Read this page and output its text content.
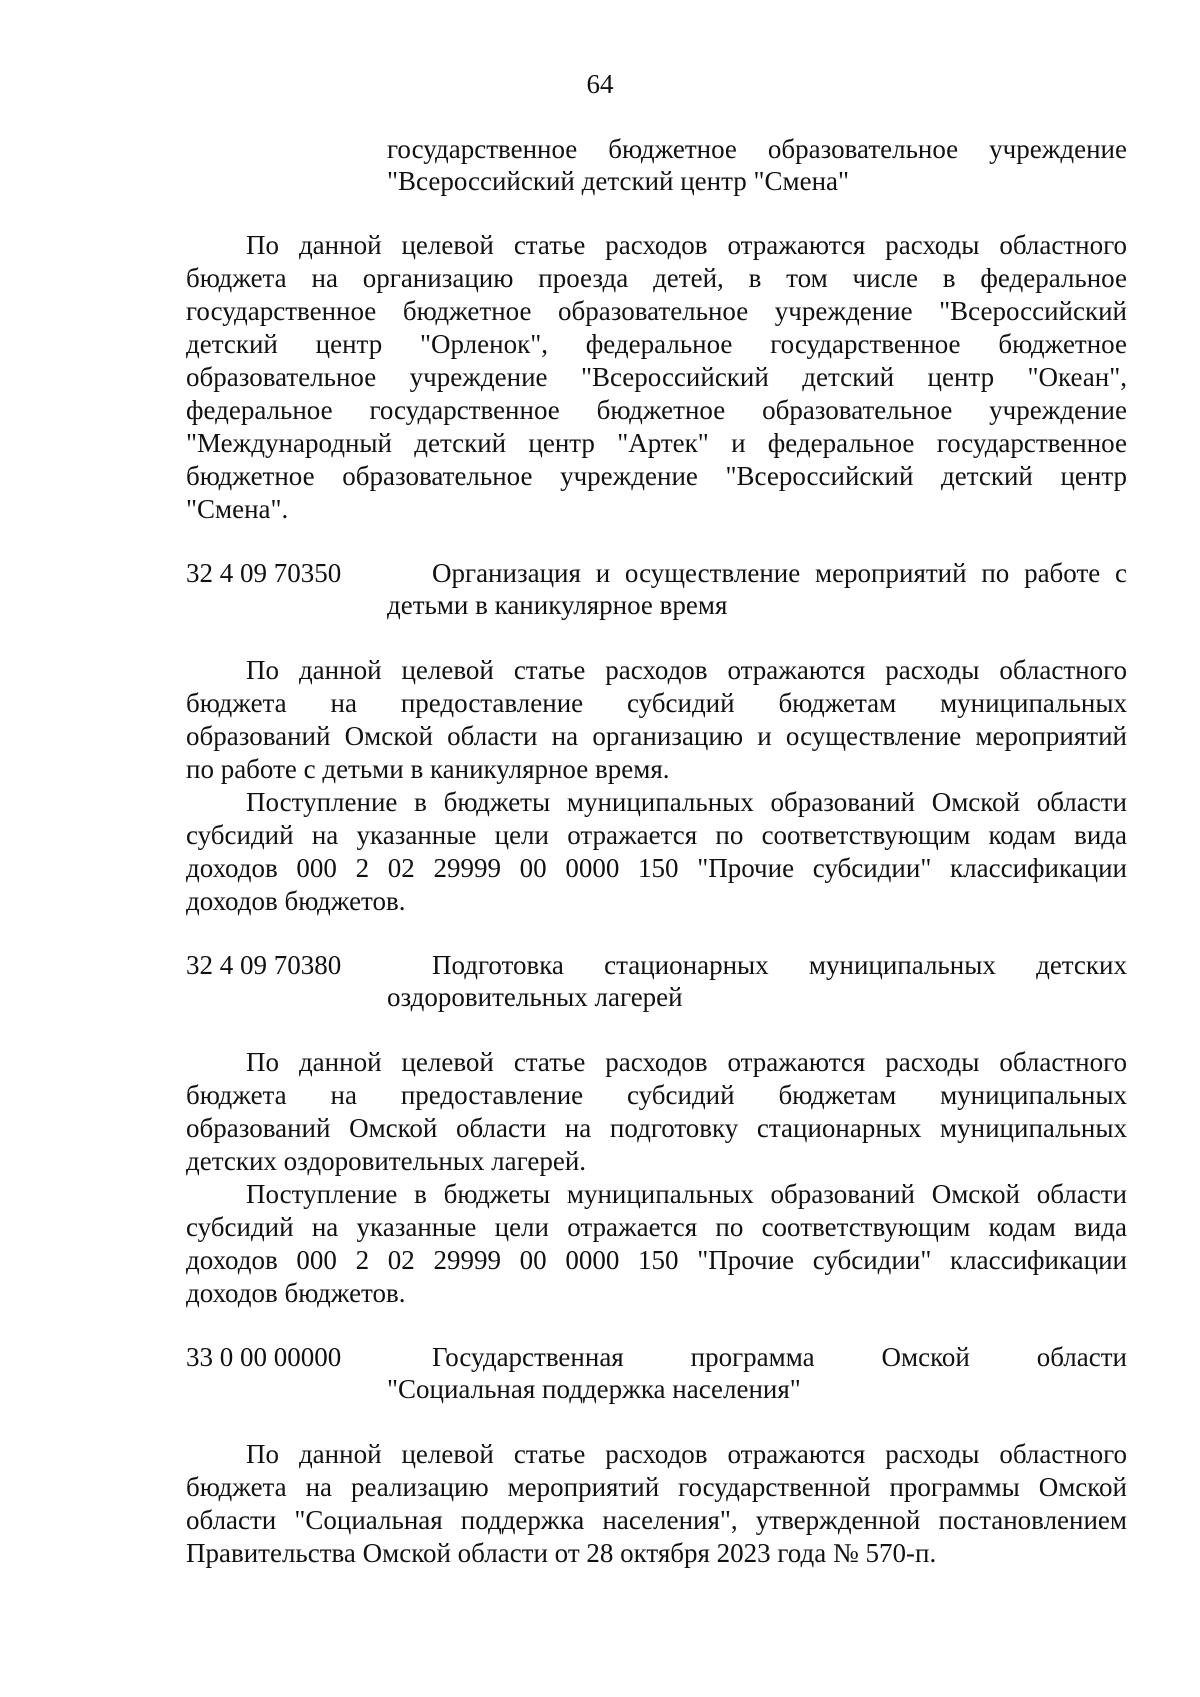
64
государственное бюджетное образовательное учреждение
"Всероссийский детский центр "Смена"
По данной целевой статье расходов отражаются расходы областного
бюджета на организацию проезда детей, в том числе в федеральное
государственное бюджетное образовательное учреждение "Всероссийский
детский центр "Орленок", федеральное государственное бюджетное
образовательное учреждение "Всероссийский детский центр "Океан",
федеральное государственное бюджетное образовательное учреждение
"Международный детский центр "Артек" и федеральное государственное
бюджетное образовательное учреждение "Всероссийский детский центр
"Смена".
Организация и осуществление мероприятий по работе с
детьми в каникулярное время
По данной целевой статье расходов отражаются расходы областного
бюджета на предоставление субсидий бюджетам муниципальных
образований Омской области на организацию и осуществление мероприятий
по работе с детьми в каникулярное время.
Поступление в бюджеты муниципальных образований Омской области
субсидий на указанные цели отражается по соответствующим кодам вида
доходов 000 2 02 29999 00 0000 150 "Прочие субсидии" классификации
доходов бюджетов.
Подготовка стационарных муниципальных детских
оздоровительных лагерей
По данной целевой статье расходов отражаются расходы областного
бюджета на предоставление субсидий бюджетам муниципальных
образований Омской области на подготовку стационарных муниципальных
детских оздоровительных лагерей.
Поступление в бюджеты муниципальных образований Омской области
субсидий на указанные цели отражается по соответствующим кодам вида
доходов 000 2 02 29999 00 0000 150 "Прочие субсидии" классификации
доходов бюджетов.
Государственная программа Омской области
"Социальная поддержка населения"
По данной целевой статье расходов отражаются расходы областного
бюджета на реализацию мероприятий государственной программы Омской
области "Социальная поддержка населения", утвержденной постановлением
Правительства Омской области от 28 октября 2023 года № 570-п.
32 4 09 70350
32 4 09 70380
33 0 00 00000
